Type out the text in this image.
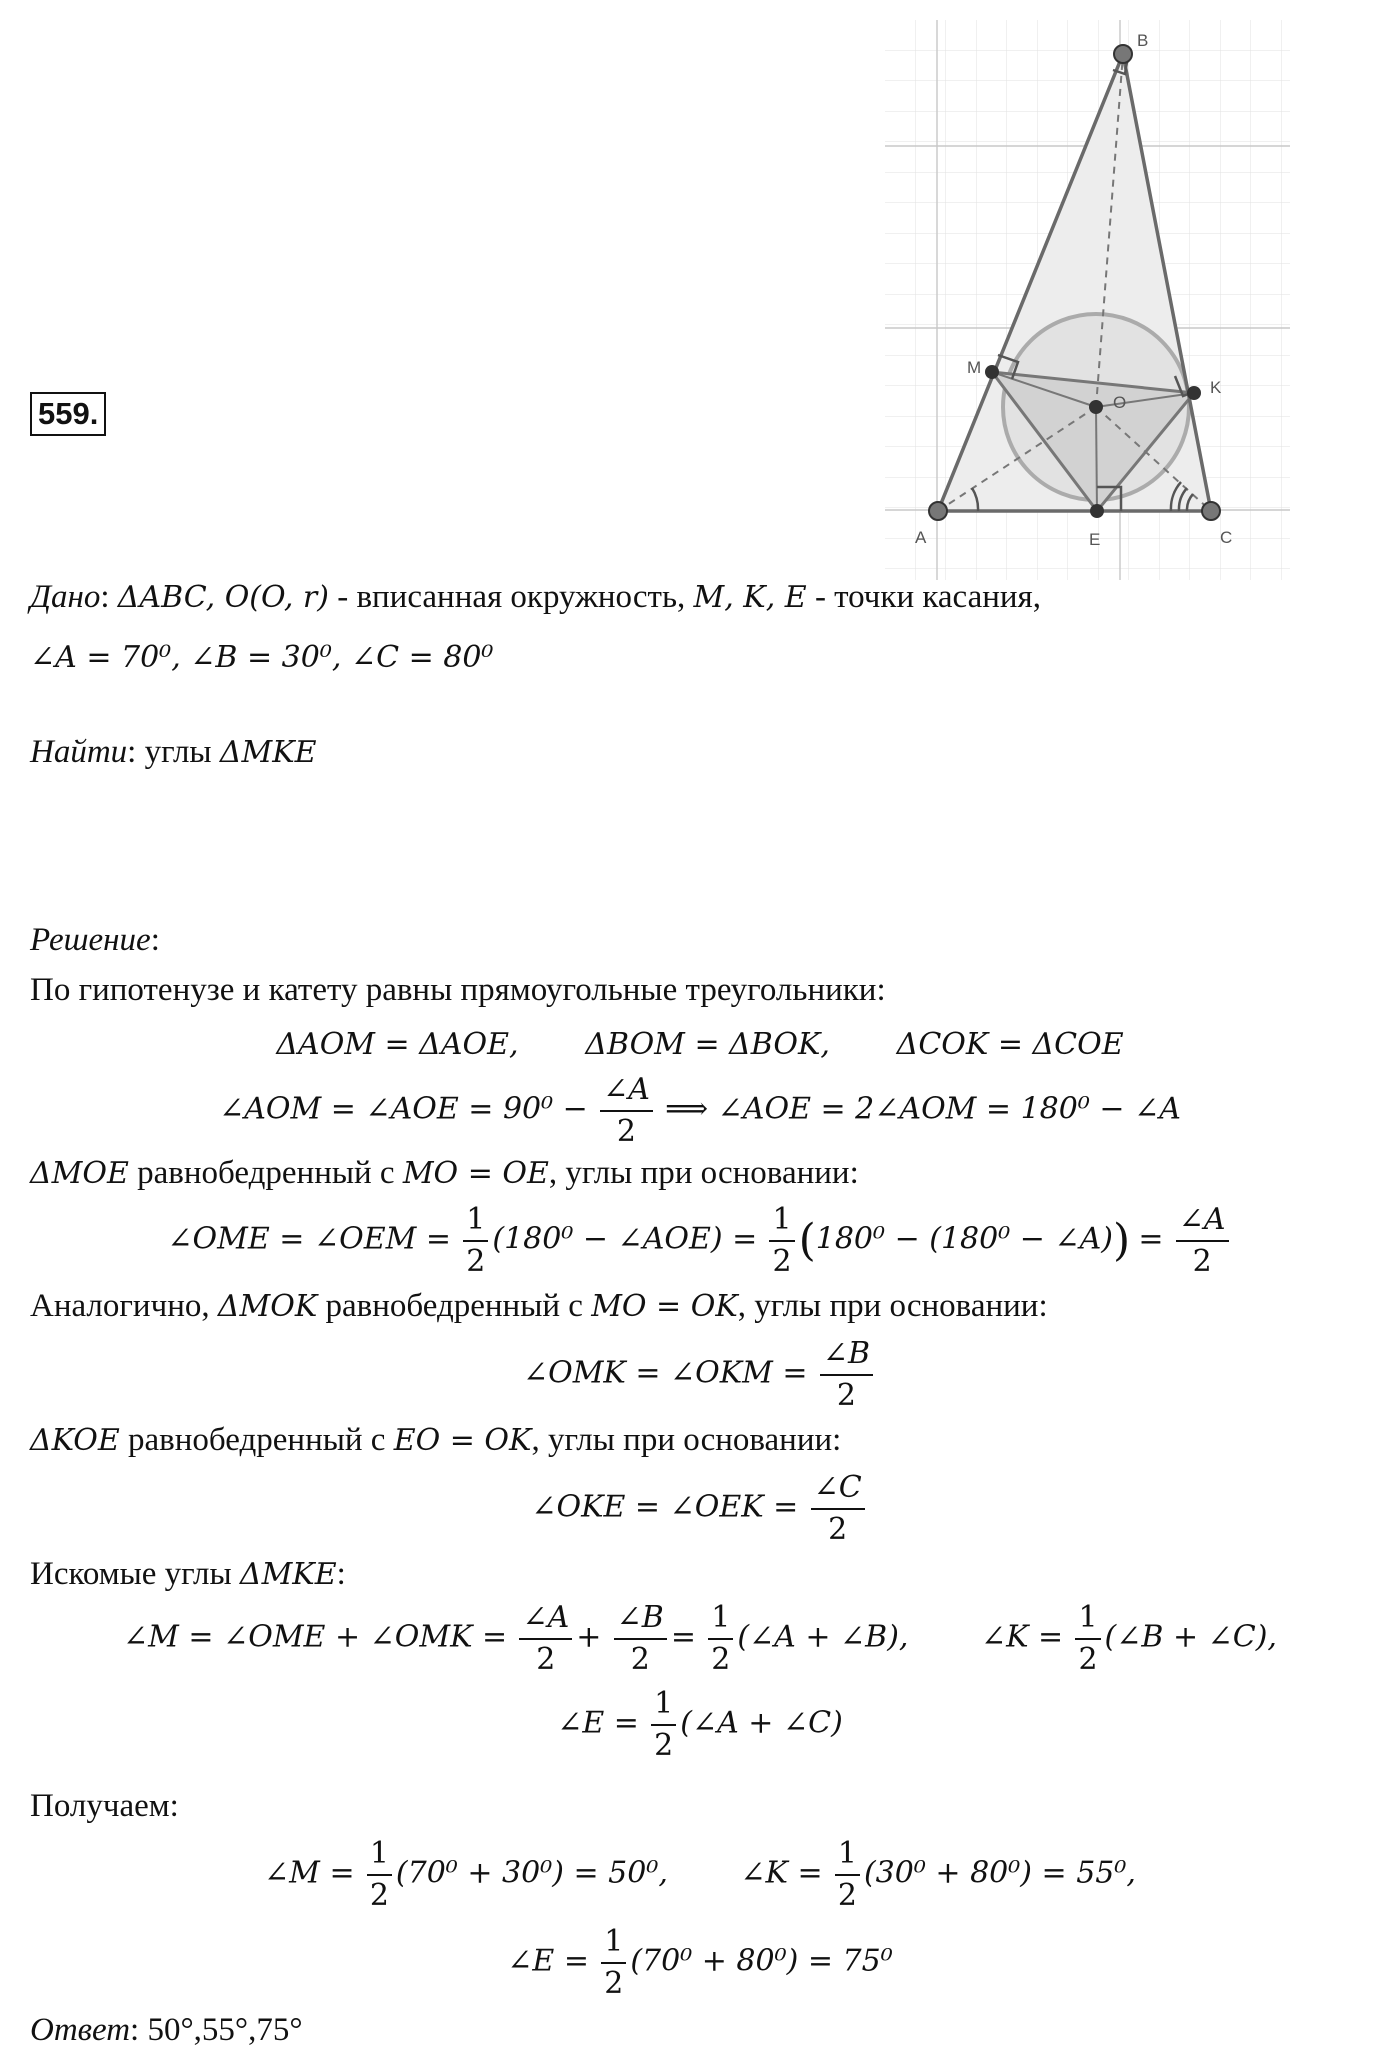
559.
A
B
C
M
K
E
O
Дано: ΔABC, O(O, r) - вписанная окружность, M, K, E - точки касания,
∠A = 70⁰, ∠B = 30⁰, ∠C = 80⁰
Найти: углы ΔMKE
Решение:
По гипотенузе и катету равны прямоугольные треугольники:
ΔAOM = ΔAOE,       ΔBOM = ΔBOK,       ΔCOK = ΔCOE
∠AOM = ∠AOE = $90^0 - \frac{\angle A}{2}$ ⟹ ∠AOE = 2∠AOM = 180⁰ − ∠A
ΔMOE равнобедренный с MO = OE, углы при основании:
∠OME = ∠OEM = $\frac{1}{2} (180^0$ − ∠AOE) = $\frac{1}{2} (180^0 - (180^0$ − ∠A)) = $\frac{\angle A}{2}$
Аналогично, ΔMOK равнобедренный с MO = OK, углы при основании:
∠OMK = ∠OKM = $\frac{\angle B}{2}$
ΔKOE равнобедренный с EO = OK, углы при основании:
∠OKE = ∠OEK = $\frac{\angle C}{2}$
Искомые углы ΔMKE:
∠M = ∠OME + ∠OMK = $\frac{\angle A}{2} + \frac{\angle B}{2} = \frac{1}{2}$ (∠A + ∠B), ∠K = $\frac{1}{2}$ (∠B + ∠C),
∠E = $\frac{1}{2}$ (∠A + ∠C)
Получаем:
∠M = $\frac{1}{2} (70^0 + 30^0) = 50^0$, ∠K = $\frac{1}{2} (30^0 + 80^0) = 55^0$,
∠E = $\frac{1}{2} (70^0 + 80^0) = 75^0$
Ответ: 50°,55°,75°
